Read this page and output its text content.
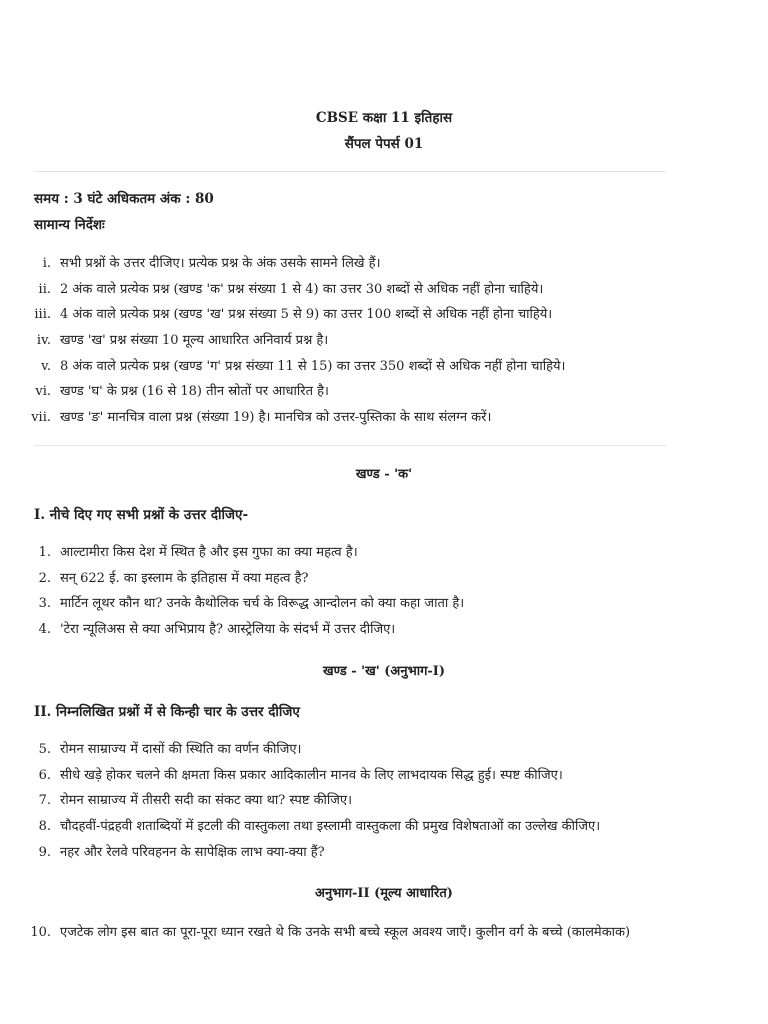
CBSE कक्षा 11 इतिहास
सैंपल पेपर्स 01
समय : 3 घंटे अधिकतम अंक : 80
सामान्य निर्देशः
i. सभी प्रश्नों के उत्तर दीजिए। प्रत्येक प्रश्न के अंक उसके सामने लिखे हैं।
ii. 2 अंक वाले प्रत्येक प्रश्न (खण्ड 'क' प्रश्न संख्या 1 से 4) का उत्तर 30 शब्दों से अधिक नहीं होना चाहिये।
iii. 4 अंक वाले प्रत्येक प्रश्न (खण्ड 'ख' प्रश्न संख्या 5 से 9) का उत्तर 100 शब्दों से अधिक नहीं होना चाहिये।
iv. खण्ड 'ख' प्रश्न संख्या 10 मूल्य आधारित अनिवार्य प्रश्न है।
v. 8 अंक वाले प्रत्येक प्रश्न (खण्ड 'ग' प्रश्न संख्या 11 से 15) का उत्तर 350 शब्दों से अधिक नहीं होना चाहिये।
vi. खण्ड 'घ' के प्रश्न (16 से 18) तीन स्रोतों पर आधारित है।
vii. खण्ड 'ङ' मानचित्र वाला प्रश्न (संख्या 19) है। मानचित्र को उत्तर-पुस्तिका के साथ संलग्न करें।
खण्ड - 'क'
I. नीचे दिए गए सभी प्रश्नों के उत्तर दीजिए-
1. आल्टामीरा किस देश में स्थित है और इस गुफा का क्या महत्व है।
2. सन् 622 ई. का इस्लाम के इतिहास में क्या महत्व है?
3. मार्टिन लूथर कौन था? उनके कैथोलिक चर्च के विरूद्ध आन्दोलन को क्या कहा जाता है।
4. 'टेरा न्यूलिअस से क्या अभिप्राय है? आस्ट्रेलिया के संदर्भ में उत्तर दीजिए।
खण्ड - 'ख' (अनुभाग-I)
II. निम्नलिखित प्रश्नों में से किन्ही चार के उत्तर दीजिए
5. रोमन साम्राज्य में दासों की स्थिति का वर्णन कीजिए।
6. सीधे खड़े होकर चलने की क्षमता किस प्रकार आदिकालीन मानव के लिए लाभदायक सिद्ध हुई। स्पष्ट कीजिए।
7. रोमन साम्राज्य में तीसरी सदी का संकट क्या था? स्पष्ट कीजिए।
8. चौदहवीं-पंद्रहवी शताब्दियों में इटली की वास्तुकला तथा इस्लामी वास्तुकला की प्रमुख विशेषताओं का उल्लेख कीजिए।
9. नहर और रेलवे परिवहनन के सापेक्षिक लाभ क्या-क्या हैं?
अनुभाग-II (मूल्य आधारित)
10. एजटेक लोग इस बात का पूरा-पूरा ध्यान रखते थे कि उनके सभी बच्चे स्कूल अवश्य जाएँ। कुलीन वर्ग के बच्चे (कालमेकाक)
